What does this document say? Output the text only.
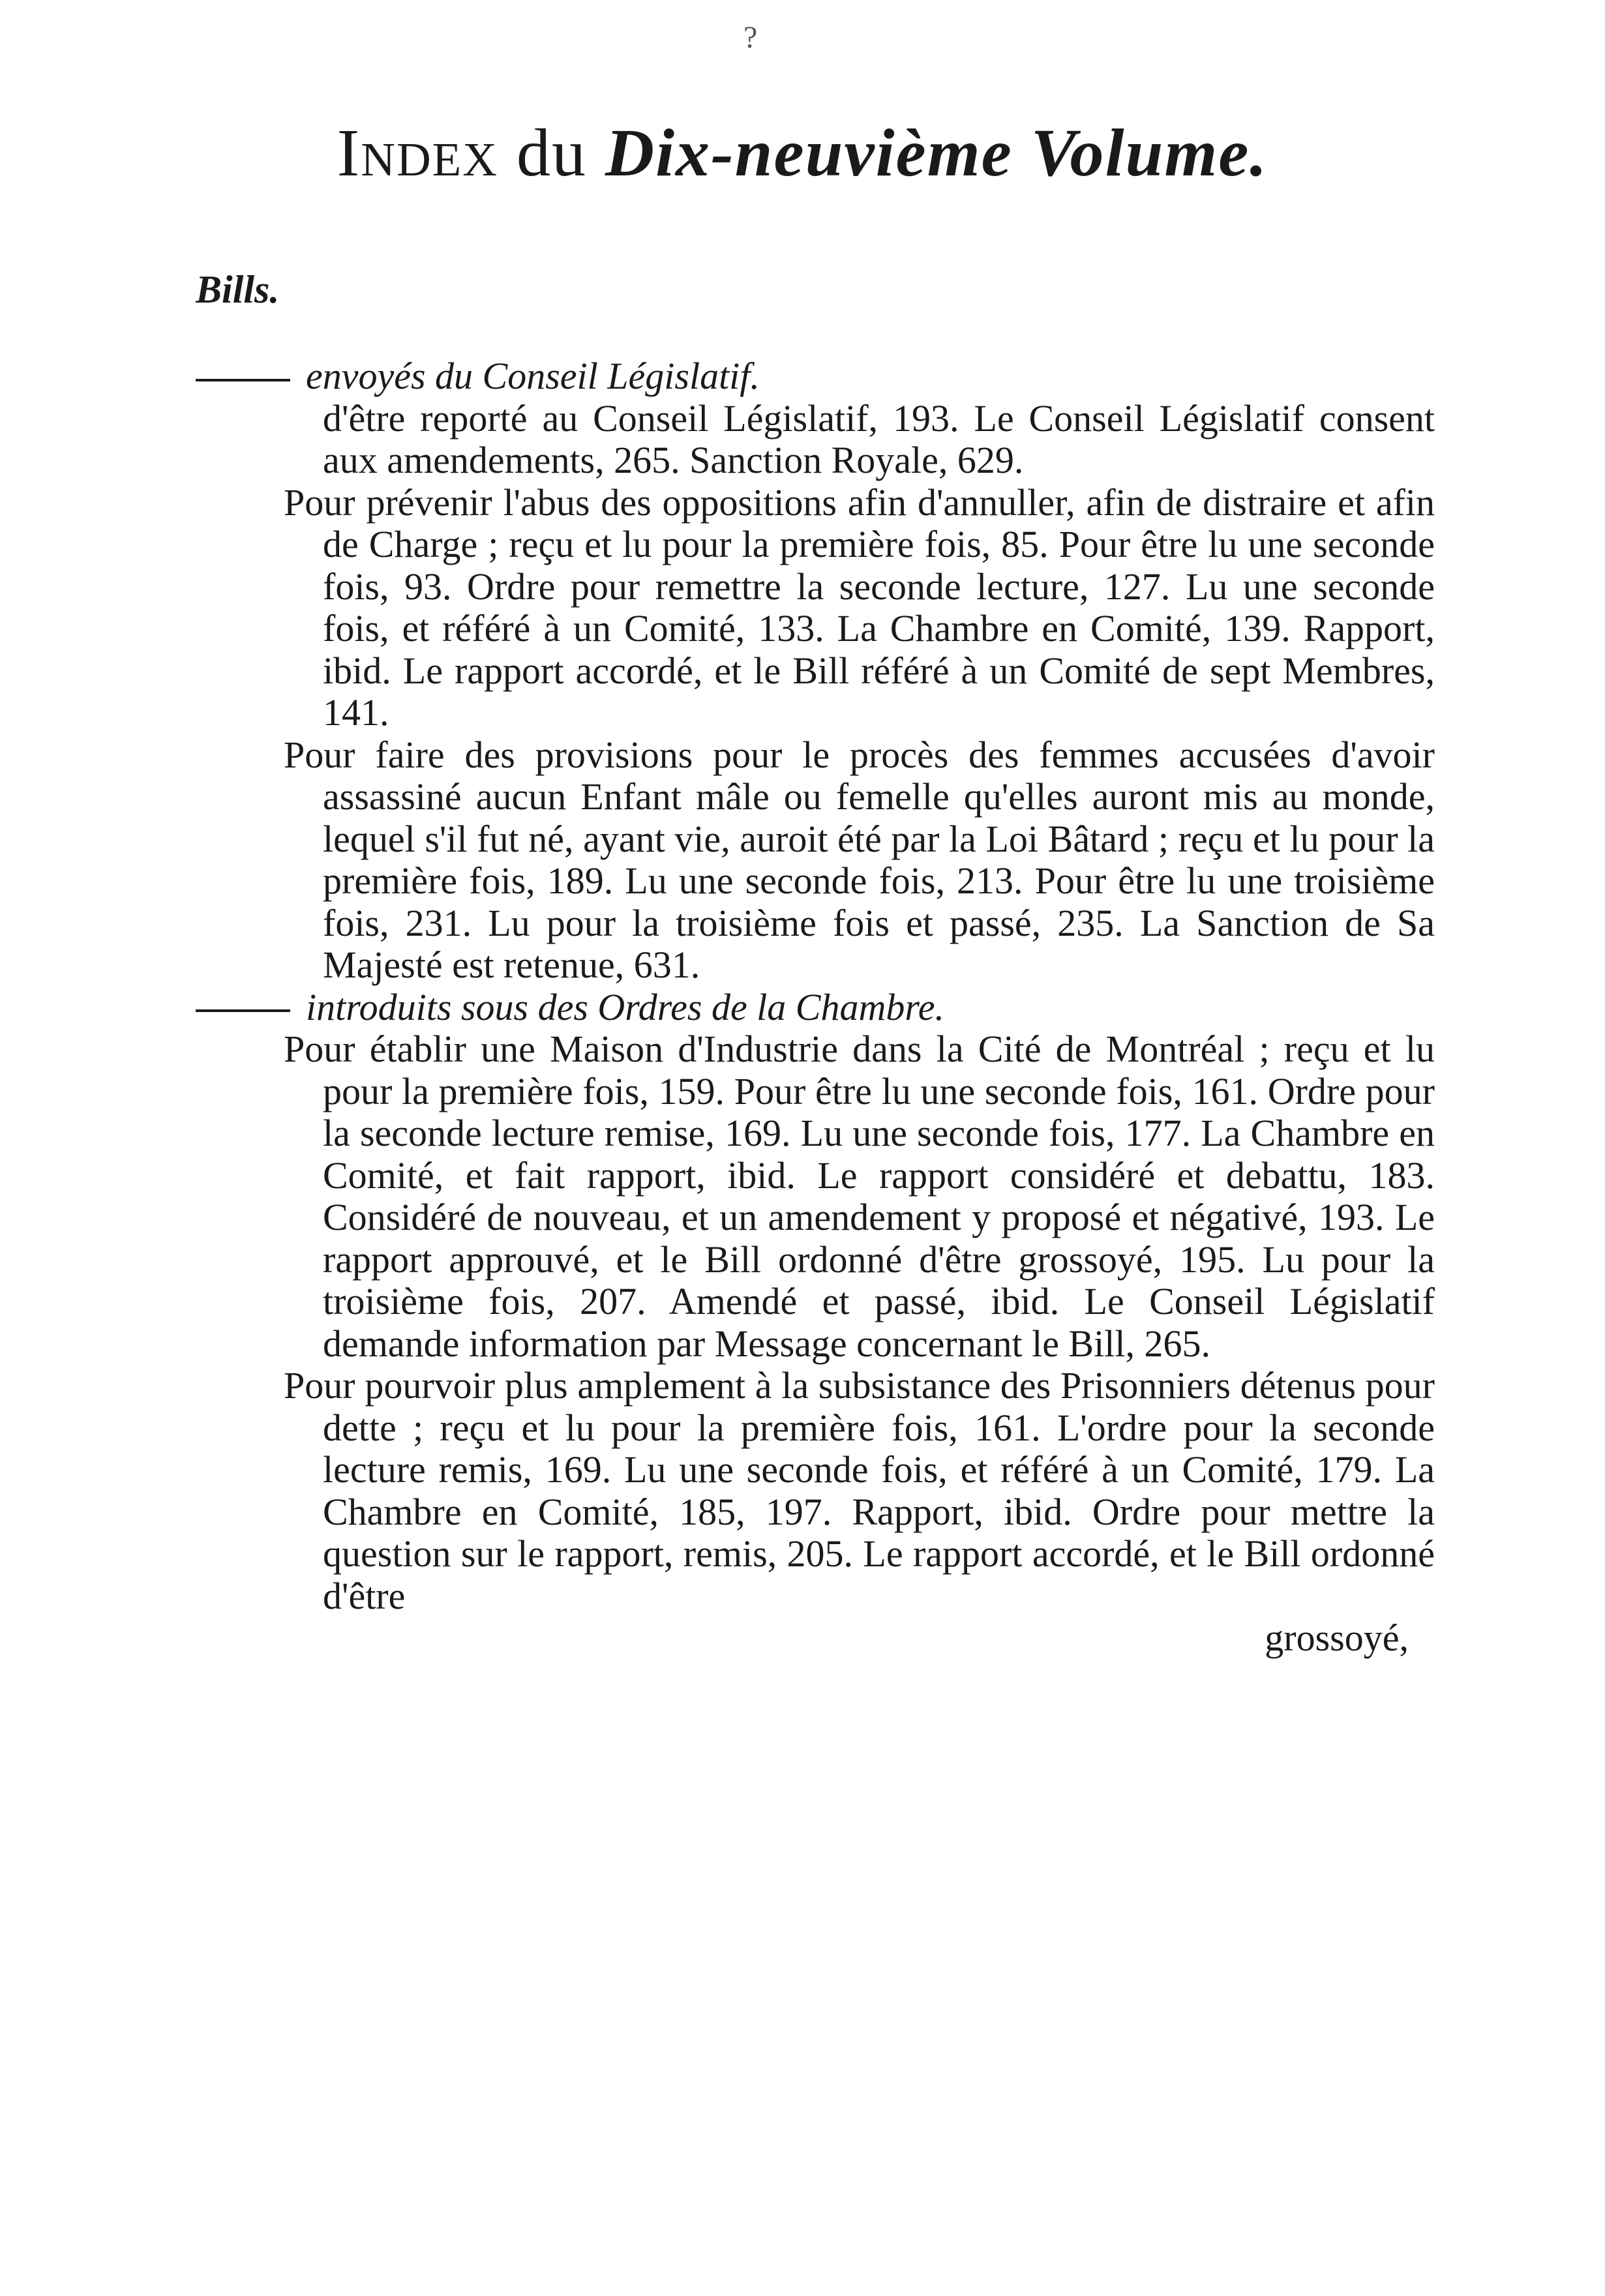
?
Index du Dix-neuvième Volume.
Bills.
envoyés du Conseil Législatif.
d'être reporté au Conseil Législatif, 193. Le Conseil Législatif consent aux amendements, 265. Sanction Royale, 629.
Pour prévenir l'abus des oppositions afin d'annuller, afin de distraire et afin de Charge ; reçu et lu pour la première fois, 85. Pour être lu une seconde fois, 93. Ordre pour remettre la seconde lecture, 127. Lu une seconde fois, et référé à un Comité, 133. La Chambre en Comité, 139. Rapport, ibid. Le rapport accordé, et le Bill référé à un Comité de sept Membres, 141.
Pour faire des provisions pour le procès des femmes accusées d'avoir assassiné aucun Enfant mâle ou femelle qu'elles auront mis au monde, lequel s'il fut né, ayant vie, auroit été par la Loi Bâtard ; reçu et lu pour la première fois, 189. Lu une seconde fois, 213. Pour être lu une troisième fois, 231. Lu pour la troisième fois et passé, 235. La Sanction de Sa Majesté est retenue, 631.
introduits sous des Ordres de la Chambre.
Pour établir une Maison d'Industrie dans la Cité de Montréal ; reçu et lu pour la première fois, 159. Pour être lu une seconde fois, 161. Ordre pour la seconde lecture remise, 169. Lu une seconde fois, 177. La Chambre en Comité, et fait rapport, ibid. Le rapport considéré et debattu, 183. Considéré de nouveau, et un amendement y proposé et négativé, 193. Le rapport approuvé, et le Bill ordonné d'être grossoyé, 195. Lu pour la troisième fois, 207. Amendé et passé, ibid. Le Conseil Législatif demande information par Message concernant le Bill, 265.
Pour pourvoir plus amplement à la subsistance des Prisonniers détenus pour dette ; reçu et lu pour la première fois, 161. L'ordre pour la seconde lecture remis, 169. Lu une seconde fois, et référé à un Comité, 179. La Chambre en Comité, 185, 197. Rapport, ibid. Ordre pour mettre la question sur le rapport, remis, 205. Le rapport accordé, et le Bill ordonné d'être
grossoyé,
